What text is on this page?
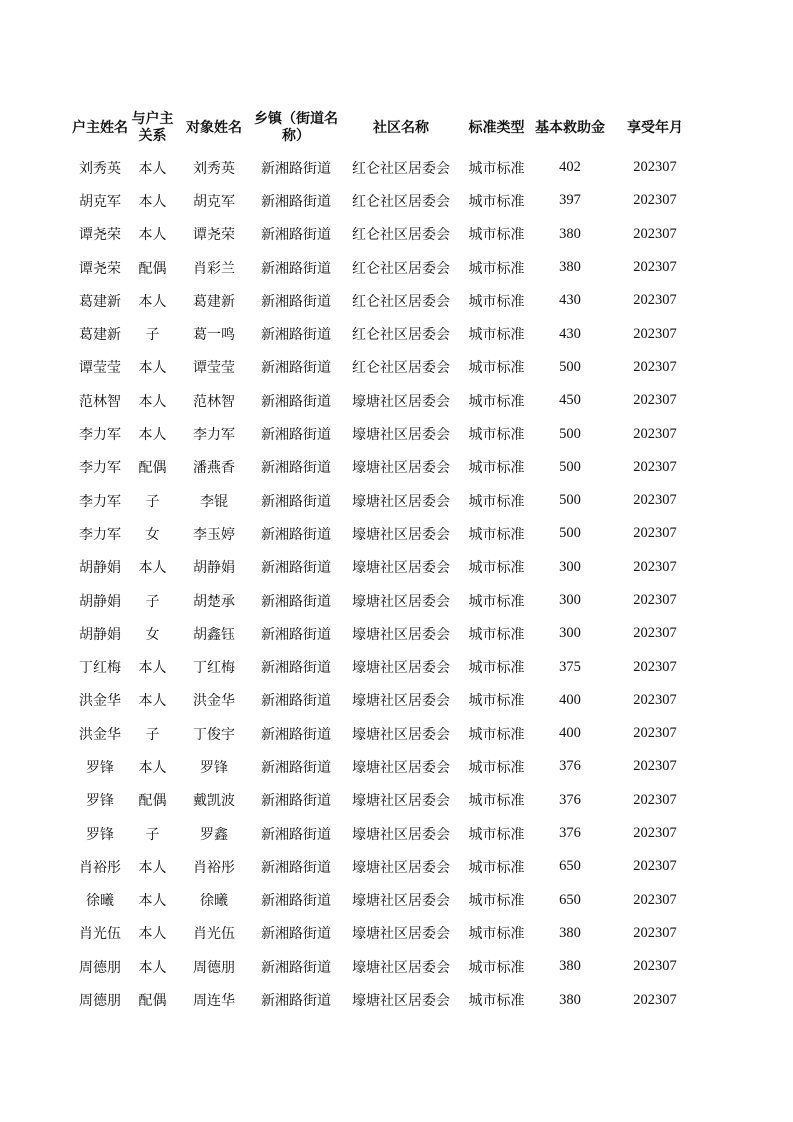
户主姓名	与户主关系	对象姓名	乡镇（街道名称）	社区名称	标准类型	基本救助金	享受年月
刘秀英	本人	刘秀英	新湘路街道	红仑社区居委会	城市标准	402	202307
胡克军	本人	胡克军	新湘路街道	红仑社区居委会	城市标准	397	202307
谭尧荣	本人	谭尧荣	新湘路街道	红仑社区居委会	城市标准	380	202307
谭尧荣	配偶	肖彩兰	新湘路街道	红仑社区居委会	城市标准	380	202307
葛建新	本人	葛建新	新湘路街道	红仑社区居委会	城市标准	430	202307
葛建新	子	葛一鸣	新湘路街道	红仑社区居委会	城市标准	430	202307
谭莹莹	本人	谭莹莹	新湘路街道	红仑社区居委会	城市标准	500	202307
范林智	本人	范林智	新湘路街道	壕塘社区居委会	城市标准	450	202307
李力军	本人	李力军	新湘路街道	壕塘社区居委会	城市标准	500	202307
李力军	配偶	潘燕香	新湘路街道	壕塘社区居委会	城市标准	500	202307
李力军	子	李锟	新湘路街道	壕塘社区居委会	城市标准	500	202307
李力军	女	李玉婷	新湘路街道	壕塘社区居委会	城市标准	500	202307
胡静娟	本人	胡静娟	新湘路街道	壕塘社区居委会	城市标准	300	202307
胡静娟	子	胡楚承	新湘路街道	壕塘社区居委会	城市标准	300	202307
胡静娟	女	胡鑫钰	新湘路街道	壕塘社区居委会	城市标准	300	202307
丁红梅	本人	丁红梅	新湘路街道	壕塘社区居委会	城市标准	375	202307
洪金华	本人	洪金华	新湘路街道	壕塘社区居委会	城市标准	400	202307
洪金华	子	丁俊宇	新湘路街道	壕塘社区居委会	城市标准	400	202307
罗锋	本人	罗锋	新湘路街道	壕塘社区居委会	城市标准	376	202307
罗锋	配偶	戴凯波	新湘路街道	壕塘社区居委会	城市标准	376	202307
罗锋	子	罗鑫	新湘路街道	壕塘社区居委会	城市标准	376	202307
肖裕彤	本人	肖裕彤	新湘路街道	壕塘社区居委会	城市标准	650	202307
徐曦	本人	徐曦	新湘路街道	壕塘社区居委会	城市标准	650	202307
肖光伍	本人	肖光伍	新湘路街道	壕塘社区居委会	城市标准	380	202307
周德朋	本人	周德朋	新湘路街道	壕塘社区居委会	城市标准	380	202307
周德朋	配偶	周连华	新湘路街道	壕塘社区居委会	城市标准	380	202307
